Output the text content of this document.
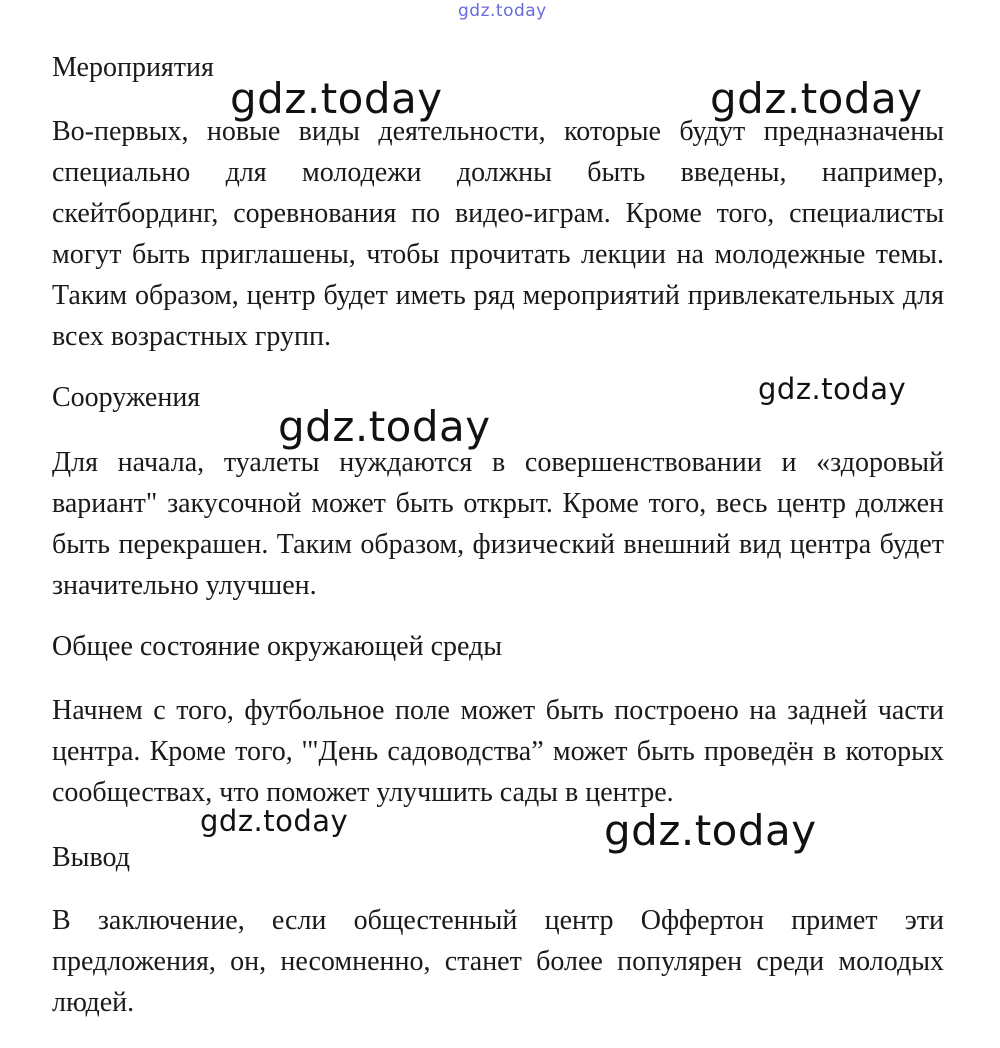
gdz.today
Мероприятия
gdz.today	gdz.today

Во-первых, новые виды деятельности, которые будут предназначены специально для молодежи должны быть введены, например, скейтбординг, соревнования по видео-играм. Кроме того, специалисты могут быть приглашены, чтобы прочитать лекции на молодежные темы. Таким образом, центр будет иметь ряд мероприятий привлекательных для всех возрастных групп.

Сооружения	gdz.today
gdz.today

Для начала, туалеты нуждаются в совершенствовании и «здоровый вариант" закусочной может быть открыт. Кроме того, весь центр должен быть перекрашен. Таким образом, физический внешний вид центра будет значительно улучшен.

Общее состояние окружающей среды

Начнем с того, футбольное поле может быть построено на задней части центра. Кроме того, '"День садоводства” может быть проведён в которых сообществах, что поможет улучшить сады в центре.

gdz.today	gdz.today
Вывод

В заключение, если общестенный центр Оффертон примет эти предложения, он, несомненно, станет более популярен среди молодых людей.
